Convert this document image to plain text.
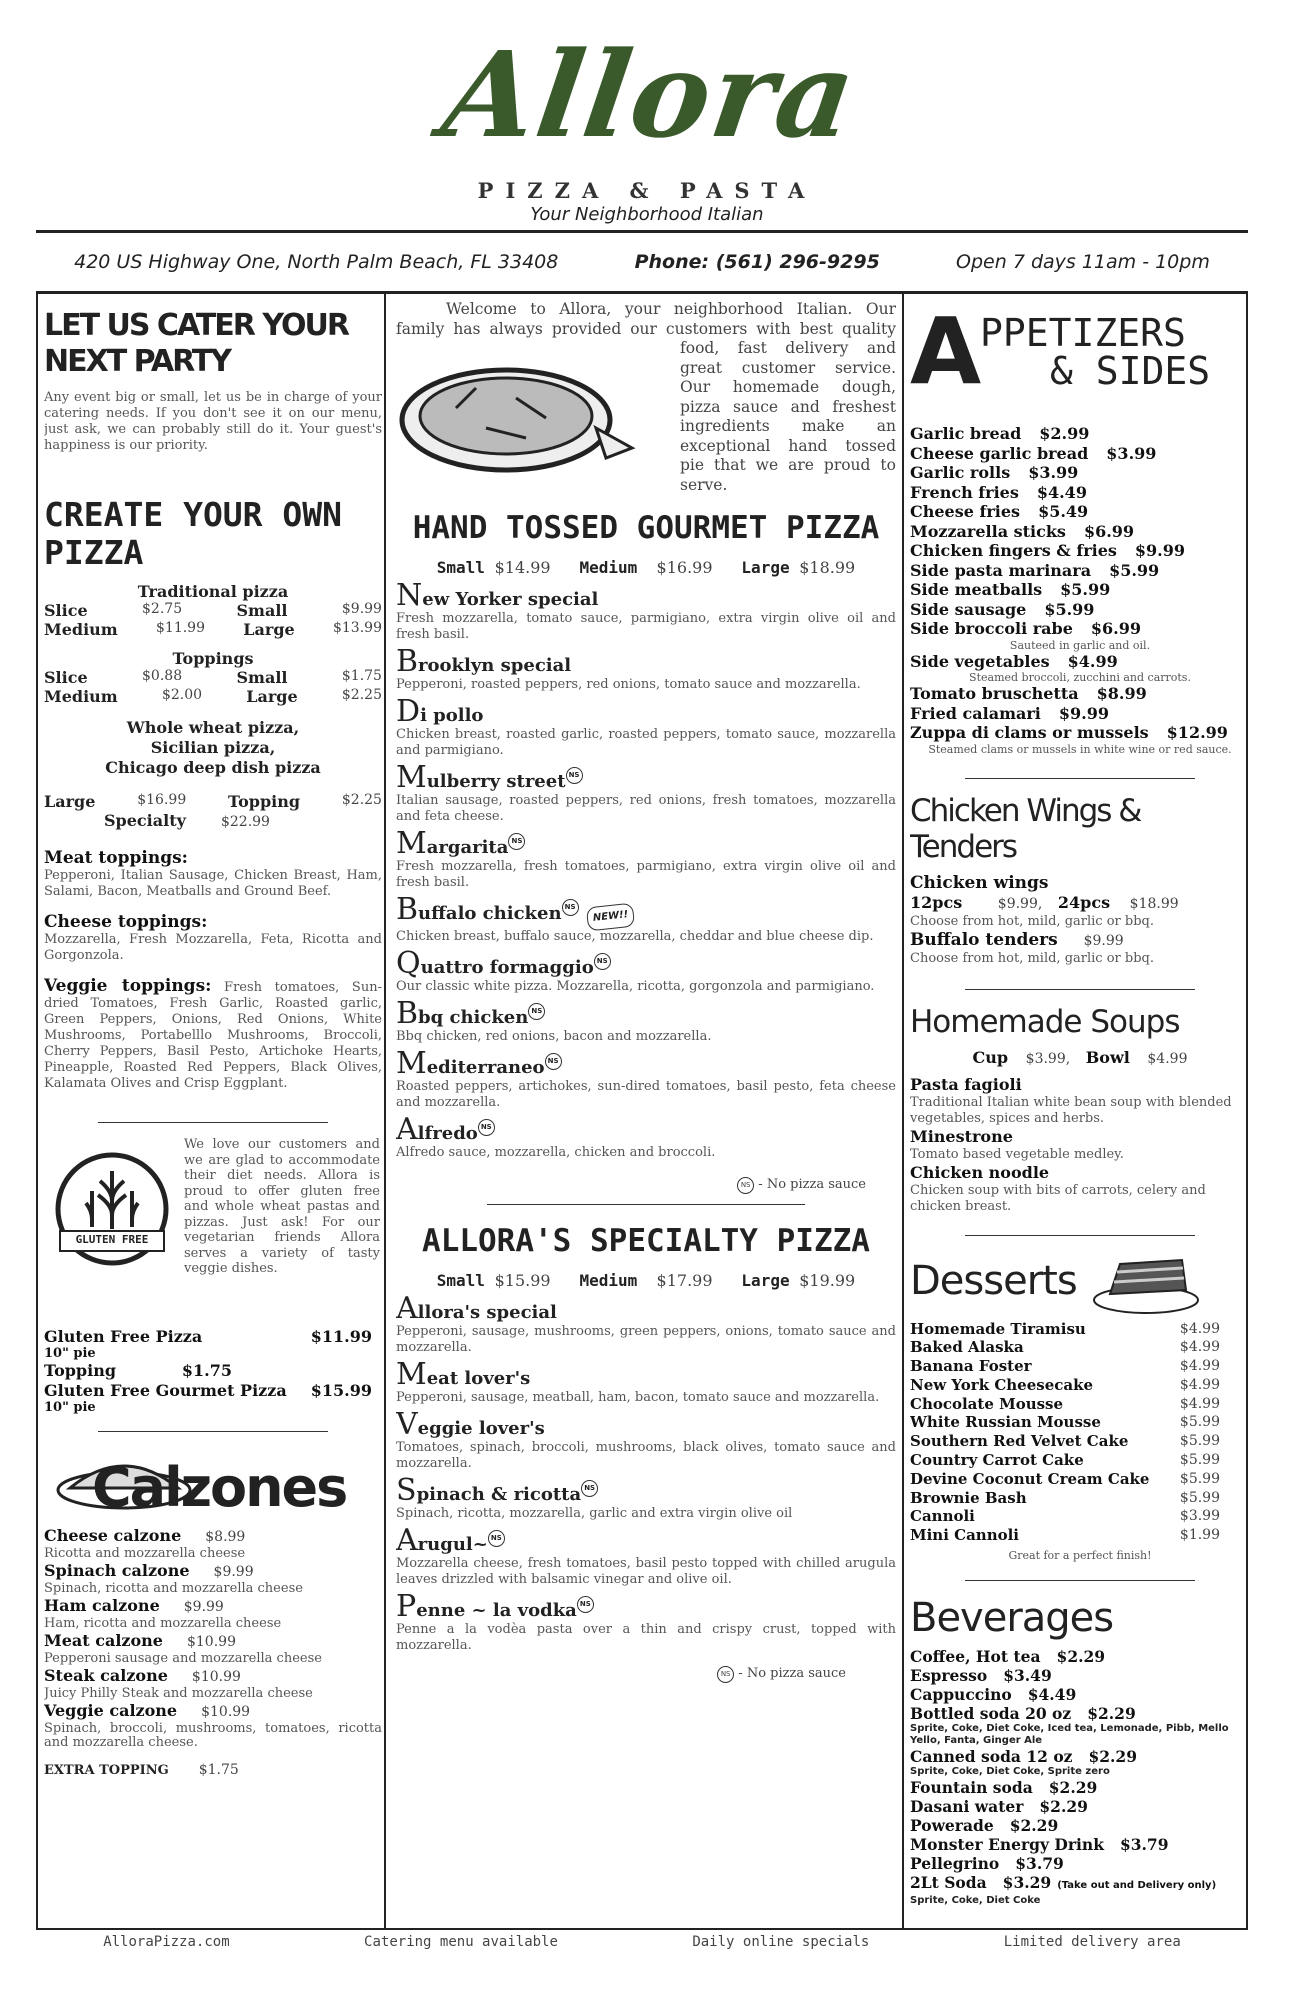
Allora
PIZZA & PASTA
Your Neighborhood Italian
420 US Highway One, North Palm Beach, FL 33408	Phone: (561) 296-9295	Open 7 days 11am - 10pm
LET US CATER YOUR NEXT PARTY
Any event big or small, let us be in charge of your catering needs. If you don't see it on our menu, just ask, we can probably still do it. Your guest's happiness is our priority.
CREATE YOUR OWN PIZZA
Traditional pizza
Slice	$2.75	Small	$9.99
Medium	$11.99 Large	$13.99
Toppings
Slice	$0.88	Small	$1.75
Medium	$2.00	Large	$2.25
Whole wheat pizza,
Sicilian pizza,
Chicago deep dish pizza
Large	$16.99	Topping	$2.25
Specialty	$22.99
Meat toppings:
Pepperoni, Italian Sausage, Chicken Breast, Ham, Salami, Bacon, Meatballs and Ground Beef.
Cheese toppings:
Mozzarella, Fresh Mozzarella, Feta, Ricotta and Gorgonzola.
Veggie toppings: Fresh tomatoes, Sun-dried Tomatoes, Fresh Garlic, Roasted garlic, Green Peppers, Onions, Red Onions, White Mushrooms, Portabelllo Mushrooms, Broccoli, Cherry Peppers, Basil Pesto, Artichoke Hearts, Pineapple, Roasted Red Peppers, Black Olives, Kalamata Olives and Crisp Eggplant.
GLUTEN FREE
We love our customers and we are glad to accommodate their diet needs. Allora is proud to offer gluten free and whole wheat pastas and pizzas. Just ask! For our vegetarian friends Allora serves a variety of tasty veggie dishes.
Gluten Free Pizza	$11.99
10" pie
Topping	$1.75
Gluten Free Gourmet Pizza $15.99
10" pie
Calzones
Cheese calzone $8.99
Ricotta and mozzarella cheese
Spinach calzone $9.99
Spinach, ricotta and mozzarella cheese
Ham calzone $9.99
Ham, ricotta and mozzarella cheese
Meat calzone $10.99
Pepperoni sausage and mozzarella cheese
Steak calzone $10.99
Juicy Philly Steak and mozzarella cheese
Veggie calzone $10.99
Spinach, broccoli, mushrooms, tomatoes, ricotta and mozzarella cheese.
EXTRA TOPPING $1.75
Welcome to Allora, your neighborhood Italian. Our family has always provided our customers with best quality food, fast delivery and great customer service. Our homemade dough, pizza sauce and freshest ingredients make an exceptional hand tossed pie that we are proud to serve.
HAND TOSSED GOURMET PIZZA
Small $14.99 Medium $16.99 Large $18.99
New Yorker special
Fresh mozzarella, tomato sauce, parmigiano, extra virgin olive oil and fresh basil.
Brooklyn special
Pepperoni, roasted peppers, red onions, tomato sauce and mozzarella.
Di pollo
Chicken breast, roasted garlic, roasted peppers, tomato sauce, mozzarella and parmigiano.
Mulberry street NS
Italian sausage, roasted peppers, red onions, fresh tomatoes, mozzarella and feta cheese.
Margarita NS
Fresh mozzarella, fresh tomatoes, parmigiano, extra virgin olive oil and fresh basil.
Buffalo chicken NSNEW!!
Chicken breast, buffalo sauce, mozzarella, cheddar and blue cheese dip.
Quattro formaggio NS
Our classic white pizza. Mozzarella, ricotta, gorgonzola and parmigiano.
Bbq chicken NS
Bbq chicken, red onions, bacon and mozzarella.
Mediterraneo NS
Roasted peppers, artichokes, sun-dired tomatoes, basil pesto, feta cheese and mozzarella.
Alfredo NS
Alfredo sauce, mozzarella, chicken and broccoli.
NS - No pizza sauce
ALLORA'S SPECIALTY PIZZA
Small $15.99 Medium $17.99 Large $19.99
Allora's special
Pepperoni, sausage, mushrooms, green peppers, onions, tomato sauce and mozzarella.
Meat lover's
Pepperoni, sausage, meatball, ham, bacon, tomato sauce and mozzarella.
Veggie lover's
Tomatoes, spinach, broccoli, mushrooms, black olives, tomato sauce and mozzarella.
Spinach & ricotta NS
Spinach, ricotta, mozzarella, garlic and extra virgin olive oil
Arugul~ NS
Mozzarella cheese, fresh tomatoes, basil pesto topped with chilled arugula leaves drizzled with balsamic vinegar and olive oil.
Penne ~ la vodka NS
Penne a la vodèa pasta over a thin and crispy crust, topped with mozzarella.
NS - No pizza sauce
A
PPETIZERS
& SIDES
Garlic bread $2.99
Cheese garlic bread $3.99
Garlic rolls $3.99
French fries $4.49
Cheese fries $5.49
Mozzarella sticks $6.99
Chicken fingers & fries $9.99
Side pasta marinara $5.99
Side meatballs $5.99
Side sausage $5.99
Side broccoli rabe $6.99
Sauteed in garlic and oil.
Side vegetables $4.99
Steamed broccoli, zucchini and carrots.
Tomato bruschetta $8.99
Fried calamari $9.99
Zuppa di clams or mussels $12.99
Steamed clams or mussels in white wine or red sauce.
Chicken Wings & Tenders
Chicken wings
12pcs	$9.99, 24pcs $18.99
Choose from hot, mild, garlic or bbq.
Buffalo tenders $9.99
Choose from hot, mild, garlic or bbq.
Homemade Soups
Cup $3.99, Bowl $4.99
Pasta fagioli
Traditional Italian white bean soup with blended vegetables, spices and herbs.
Minestrone
Tomato based vegetable medley.
Chicken noodle
Chicken soup with bits of carrots, celery and chicken breast.
Desserts
Homemade Tiramisu	$4.99
Baked Alaska	$4.99
Banana Foster	$4.99
New York Cheesecake	$4.99
Chocolate Mousse	$4.99
White Russian Mousse	$5.99
Southern Red Velvet Cake	$5.99
Country Carrot Cake	$5.99
Devine Coconut Cream Cake $5.99
Brownie Bash	$5.99
Cannoli	$3.99
Mini Cannoli	$1.99
Great for a perfect finish!
Beverages
Coffee, Hot tea $2.29
Espresso $3.49
Cappuccino $4.49
Bottled soda 20 oz $2.29
Sprite, Coke, Diet Coke, Iced tea, Lemonade, Pibb, Mello Yello, Fanta, Ginger Ale
Canned soda 12 oz $2.29
Sprite, Coke, Diet Coke, Sprite zero
Fountain soda $2.29
Dasani water $2.29
Powerade $2.29
Monster Energy Drink $3.79
Pellegrino $3.79
2Lt Soda $3.29 (Take out and Delivery only)
Sprite, Coke, Diet Coke
AlloraPizza.com	Catering menu available	Daily online specials	Limited delivery area
